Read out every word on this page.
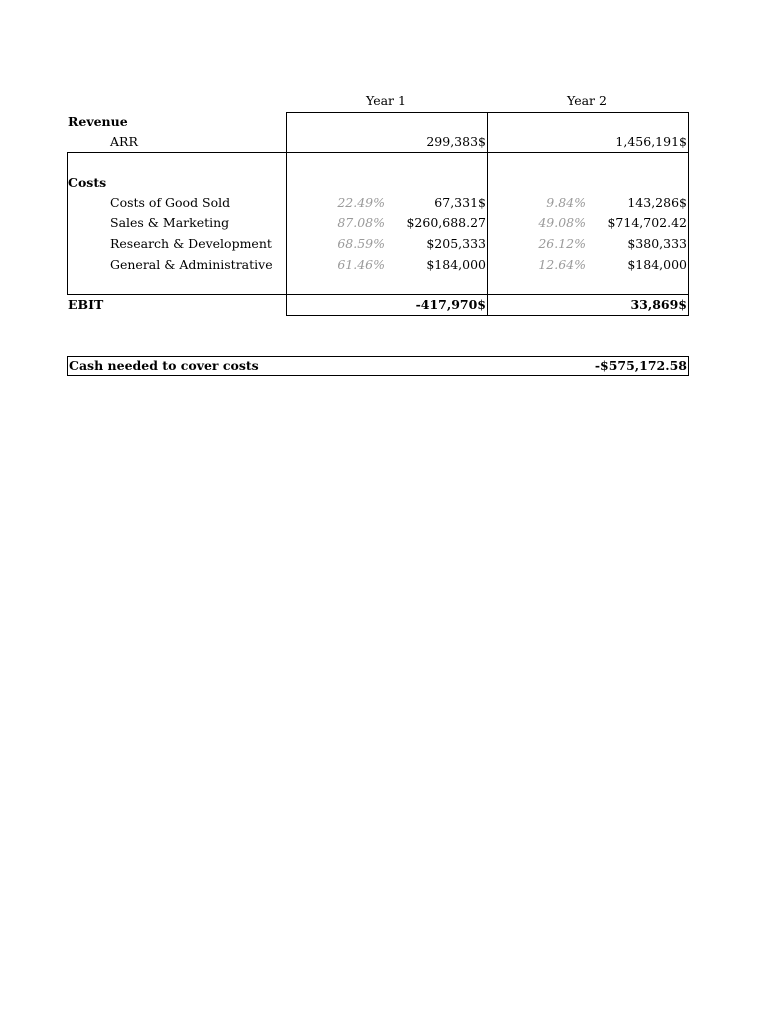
Year 1	Year 2
Revenue
ARR	299,383$	1,456,191$
Costs
Costs of Good Sold	22.49%	67,331$	9.84%	143,286$
Sales & Marketing	87.08%	$260,688.27	49.08%	$714,702.42
Research & Development	68.59%	$205,333	26.12%	$380,333
General & Administrative	61.46%	$184,000	12.64%	$184,000
EBIT	-417,970$	33,869$
Cash needed to cover costs	-$575,172.58
